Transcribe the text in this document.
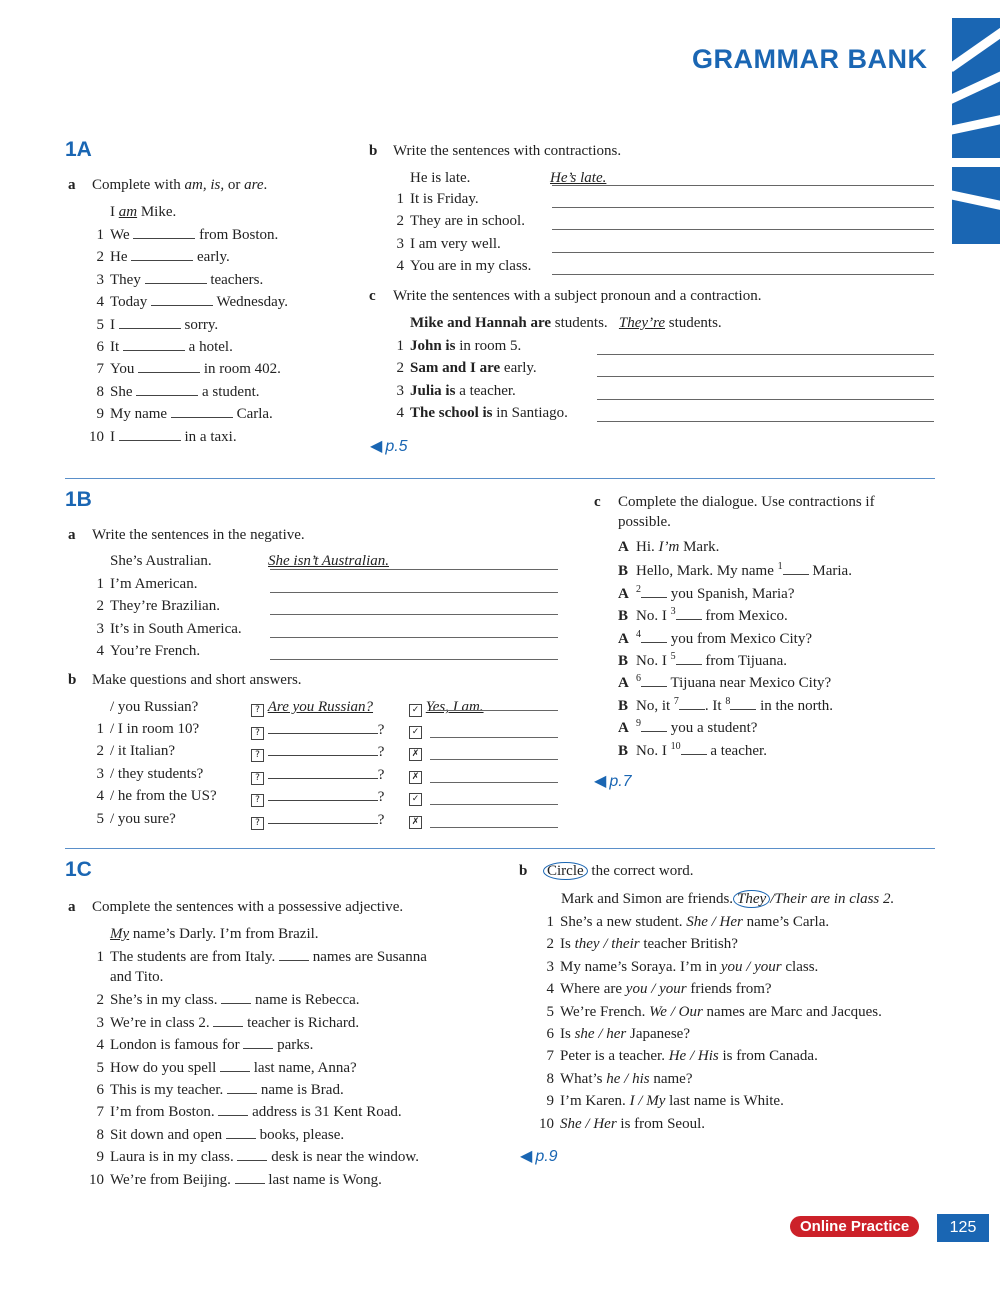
GRAMMAR BANK
1A
a Complete with am, is, or are.
I am Mike.
b Write the sentences with contractions.
He is late.	He’s late.
c Write the sentences with a subject pronoun and a contraction.
Mike and Hannah are students. They’re students.
◀ p.5
1B
a Write the sentences in the negative.
She’s Australian.	She isn’t Australian.
b Make questions and short answers.
/ you Russian?	? Are you Russian?	✓ Yes, I am.
c Complete the dialogue. Use contractions if
possible.
◀ p.7
1C
a Complete the sentences with a possessive adjective.
My name’s Darly. I’m from Brazil.
b Circle the correct word.
Mark and Simon are friends. They /Their are in class 2.
◀ p.9
Online Practice	125
1 We	from Boston.
2 He	early.
3 They	teachers.
4 Today	Wednesday.
5 I	sorry.
6 It	a hotel.
7 You	in room 402.
8 She	a student.
9 My name	Carla.
10 I	in a taxi.
1 It is Friday.
2 They are in school.
3 I am very well.
4 You are in my class.
1 John is in room 5.
2 Sam and I are early.
3 Julia is a teacher.
4 The school is in Santiago.
1 I’m American.
2 They’re Brazilian.
3 It’s in South America.
4 You’re French.
1 / I in room 10?	?	?	✓
2 / it Italian?	?	?	✗
3 / they students?	?	?	✗
4 / he from the US?	?	?	✓
5 / you sure?	?	?	✗
A Hi. I’m Mark.
B Hello, Mark. My name $^1$ Maria.
A $^2$ you Spanish, Maria?
B No. I $^3$ from Mexico.
A $^4$ you from Mexico City?
B No. I $^5$ from Tijuana.
A $^6$ Tijuana near Mexico City?
B No, it $^7$ . It $^8$ in the north.
A $^9$ you a student?
B No. I $^{10}$ a teacher.
1 The students are from Italy.	names are Susanna
and Tito.
2 She’s in my class.	name is Rebecca.
3 We’re in class 2.	teacher is Richard.
4 London is famous for	parks.
5 How do you spell	last name, Anna?
6 This is my teacher.	name is Brad.
7 I’m from Boston.	address is 31 Kent Road.
8 Sit down and open	books, please.
9 Laura is in my class.	desk is near the window.
10 We’re from Beijing.	last name is Wong.
1 She’s a new student. She / Her name’s Carla.
2 Is they / their teacher British?
3 My name’s Soraya. I’m in you / your class.
4 Where are you / your friends from?
5 We’re French. We / Our names are Marc and Jacques.
6 Is she / her Japanese?
7 Peter is a teacher. He / His is from Canada.
8 What’s he / his name?
9 I’m Karen. I / My last name is White.
10 She / Her is from Seoul.
